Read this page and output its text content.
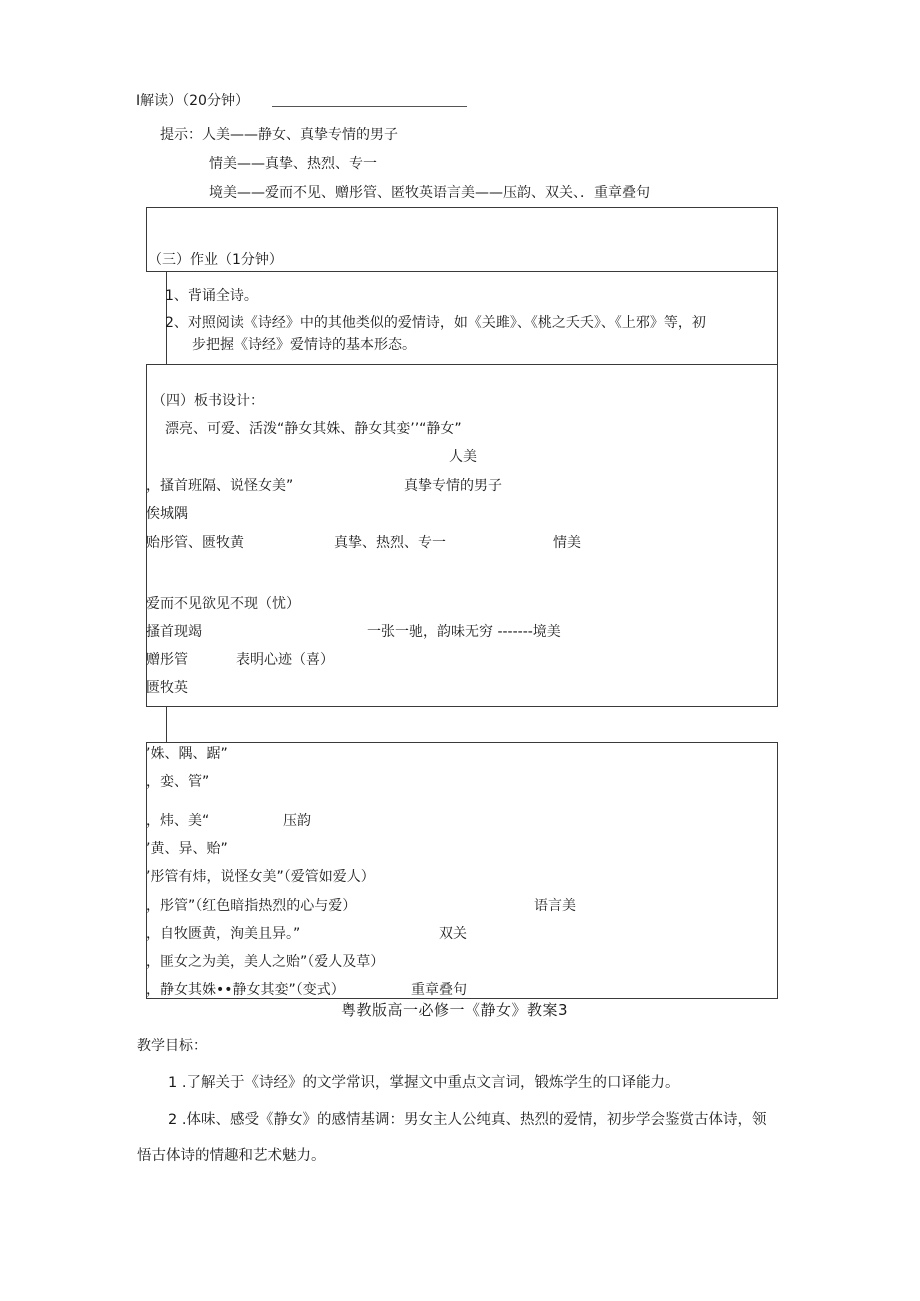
I解读）（20分钟）
提示：人美——静女、真挚专情的男子
情美——真挚、热烈、专一
境美——爱而不见、赠彤管、匿牧英语言美——压韵、双关、．重章叠句
（三）作业（1分钟）
1、背诵全诗。
2、对照阅读《诗经》中的其他类似的爱情诗，如《关雎》、《桃之夭夭》、《上邪》等，初
步把握《诗经》爱情诗的基本形态。
（四）板书设计：
漂亮、可爱、活泼“静女其姝、静女其娈’’“静女”
人美
，搔首班隔、说怪女美”	真挚专情的男子
俟城隅
贻彤管、匮牧黄	真挚、热烈、专一	情美
爱而不见欲见不现（忧）
搔首现竭	一张一驰，韵味无穷 -------境美
赠彤管	表明心迹（喜）
匮牧英
’姝、隅、踞”
，娈、管”
，炜、美“	压韵
’黄、异、贻”
’彤管有炜，说怪女美”（爱管如爱人）
，彤管”（红色暗指热烈的心与爱）	语言美
，自牧匮黄，洵美且异。”	双关
，匪女之为美，美人之贻”（爱人及草）
，静女其姝••静女其娈”（变式）	重章叠句
粤教版高一必修一《静女》教案3
教学目标：
1 .了解关于《诗经》的文学常识，掌握文中重点文言词，锻炼学生的口译能力。
2 .体味、感受《静女》的感情基调：男女主人公纯真、热烈的爱情，初步学会鉴赏古体诗，领
悟古体诗的情趣和艺术魅力。
